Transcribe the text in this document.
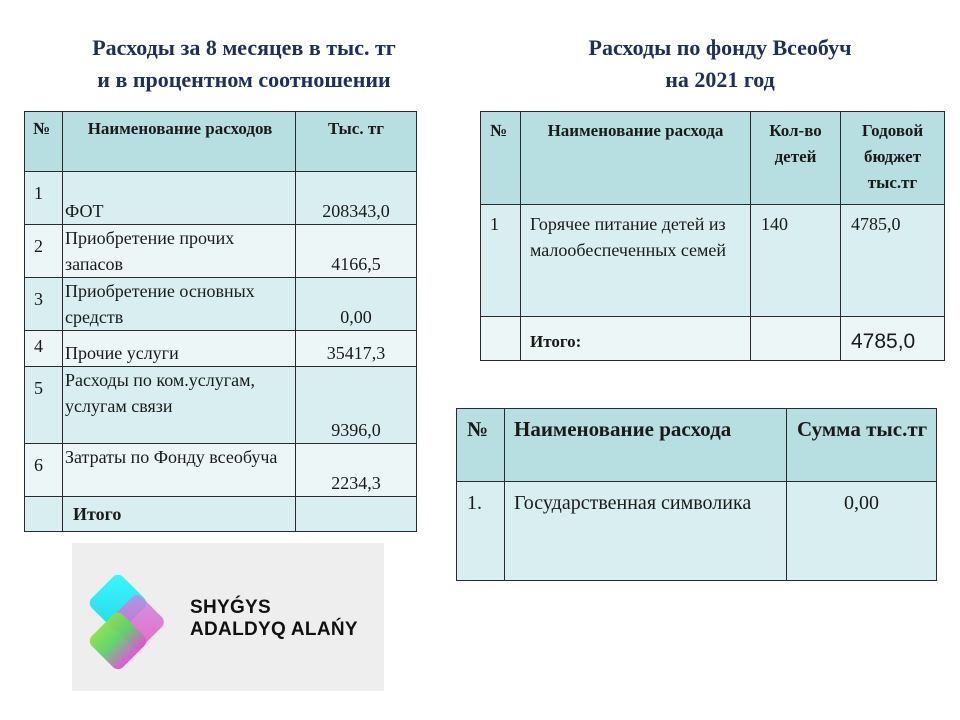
Расходы за 8 месяцев в тыс. тг
и в процентном соотношении
Расходы по фонду Всеобуч
на 2021 год
№	Наименование расходов	Тыс. тг
1	ФОТ	208343,0
2	Приобретение прочих запасов	4166,5
3	Приобретение основных средств	0,00
4	Прочие услуги	35417,3
5	Расходы по ком.услугам, услугам связи	9396,0
6	Затраты по Фонду всеобуча	2234,3
	Итого	
№	Наименование расхода	Кол-во детей	Годовой бюджет тыс.тг
1	Горячее питание детей из малообеспеченных семей	140	4785,0
	Итого:		4785,0
№	Наименование расхода	Сумма тыс.тг
1.	Государственная символика	0,00
SHYǴYS
ADALDYQ ALAŃY
